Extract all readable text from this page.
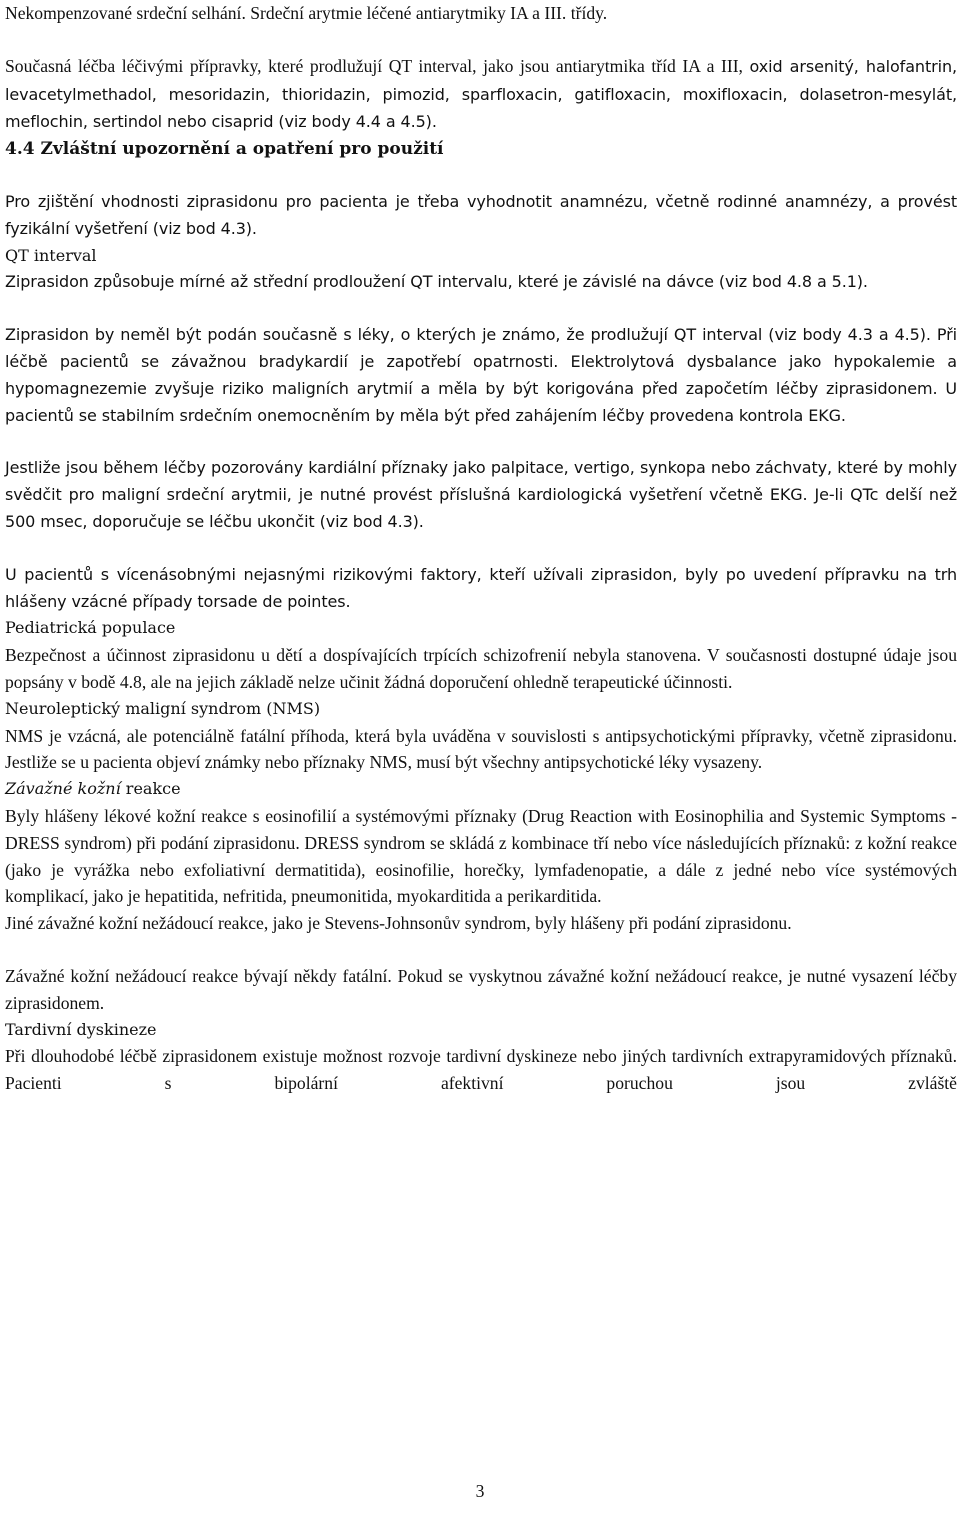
Nekompenzované srdeční selhání. Srdeční arytmie léčené antiarytmiky IA a III. třídy.

Současná léčba léčivými přípravky, které prodlužují QT interval, jako jsou antiarytmika tříd IA a III, oxid arsenitý, halofantrin, levacetylmethadol, mesoridazin, thioridazin, pimozid, sparfloxacin, gatifloxacin, moxifloxacin, dolasetron-mesylát, meflochin, sertindol nebo cisaprid (viz body 4.4 a 4.5).

4.4 Zvláštní upozornění a opatření pro použití

Pro zjištění vhodnosti ziprasidonu pro pacienta je třeba vyhodnotit anamnézu, včetně rodinné anamnézy, a provést fyzikální vyšetření (viz bod 4.3).

QT interval

Ziprasidon způsobuje mírné až střední prodloužení QT intervalu, které je závislé na dávce (viz bod 4.8 a 5.1).

Ziprasidon by neměl být podán současně s léky, o kterých je známo, že prodlužují QT interval (viz body 4.3 a 4.5). Při léčbě pacientů se závažnou bradykardií je zapotřebí opatrnosti. Elektrolytová dysbalance jako hypokalemie a hypomagnezemie zvyšuje riziko maligních arytmií a měla by být korigována před započetím léčby ziprasidonem. U pacientů se stabilním srdečním onemocněním by měla být před zahájením léčby provedena kontrola EKG.

Jestliže jsou během léčby pozorovány kardiální příznaky jako palpitace, vertigo, synkopa nebo záchvaty, které by mohly svědčit pro maligní srdeční arytmii, je nutné provést příslušná kardiologická vyšetření včetně EKG. Je-li QTc delší než 500 msec, doporučuje se léčbu ukončit (viz bod 4.3).

U pacientů s vícenásobnými nejasnými rizikovými faktory, kteří užívali ziprasidon, byly po uvedení přípravku na trh hlášeny vzácné případy torsade de pointes.

Pediatrická populace

Bezpečnost a účinnost ziprasidonu u dětí a dospívajících trpících schizofrenií nebyla stanovena. V současnosti dostupné údaje jsou popsány v bodě 4.8, ale na jejich základě nelze učinit žádná doporučení ohledně terapeutické účinnosti.

Neuroleptický maligní syndrom (NMS)

NMS je vzácná, ale potenciálně fatální příhoda, která byla uváděna v souvislosti s antipsychotickými přípravky, včetně ziprasidonu. Jestliže se u pacienta objeví známky nebo příznaky NMS, musí být všechny antipsychotické léky vysazeny.

Závažné kožní reakce

Byly hlášeny lékové kožní reakce s eosinofilií a systémovými příznaky (Drug Reaction with Eosinophilia and Systemic Symptoms - DRESS syndrom) při podání ziprasidonu. DRESS syndrom se skládá z kombinace tří nebo více následujících příznaků: z kožní reakce (jako je vyrážka nebo exfoliativní dermatitida), eosinofilie, horečky, lymfadenopatie, a dále z jedné nebo více systémových komplikací, jako je hepatitida, nefritida, pneumonitida, myokarditida a perikarditida.

Jiné závažné kožní nežádoucí reakce, jako je Stevens-Johnsonův syndrom, byly hlášeny při podání ziprasidonu.

Závažné kožní nežádoucí reakce bývají někdy fatální. Pokud se vyskytnou závažné kožní nežádoucí reakce, je nutné vysazení léčby ziprasidonem.

Tardivní dyskineze

Při dlouhodobé léčbě ziprasidonem existuje možnost rozvoje tardivní dyskineze nebo jiných tardivních extrapyramidových příznaků. Pacienti s bipolární afektivní poruchou jsou zvláště

3
